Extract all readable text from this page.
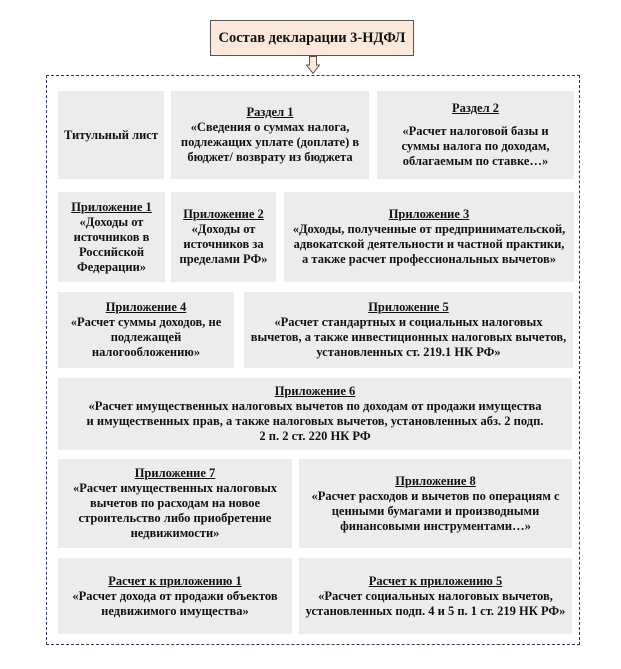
Состав декларации 3-НДФЛ
Титульный лист
Раздел 1
«Сведения о суммах налога, подлежащих уплате (доплате) в бюджет/ возврату из бюджета
Раздел 2
«Расчет налоговой базы и суммы налога по доходам, облагаемым по ставке…»
Приложение 1
«Доходы от источников в Российской Федерации»
Приложение 2
«Доходы от источников за пределами РФ»
Приложение 3
«Доходы, полученные от предпринимательской, адвокатской деятельности и частной практики, а также расчет профессиональных вычетов»
Приложение 4
«Расчет суммы доходов, не подлежащей налогообложению»
Приложение 5
«Расчет стандартных и социальных налоговых вычетов, а также инвестиционных налоговых вычетов, установленных ст. 219.1 НК РФ»
Приложение 6
«Расчет имущественных налоговых вычетов по доходам от продажи имущества и имущественных прав, а также налоговых вычетов, установленных абз. 2 подп. 2 п. 2 ст. 220 НК РФ
Приложение 7
«Расчет имущественных налоговых вычетов по расходам на новое строительство либо приобретение недвижимости»
Приложение 8
«Расчет расходов и вычетов по операциям с ценными бумагами и производными финансовыми инструментами…»
Расчет к приложению 1
«Расчет дохода от продажи объектов недвижимого имущества»
Расчет к приложению 5
«Расчет социальных налоговых вычетов, установленных подп. 4 и 5 п. 1 ст. 219 НК РФ»
